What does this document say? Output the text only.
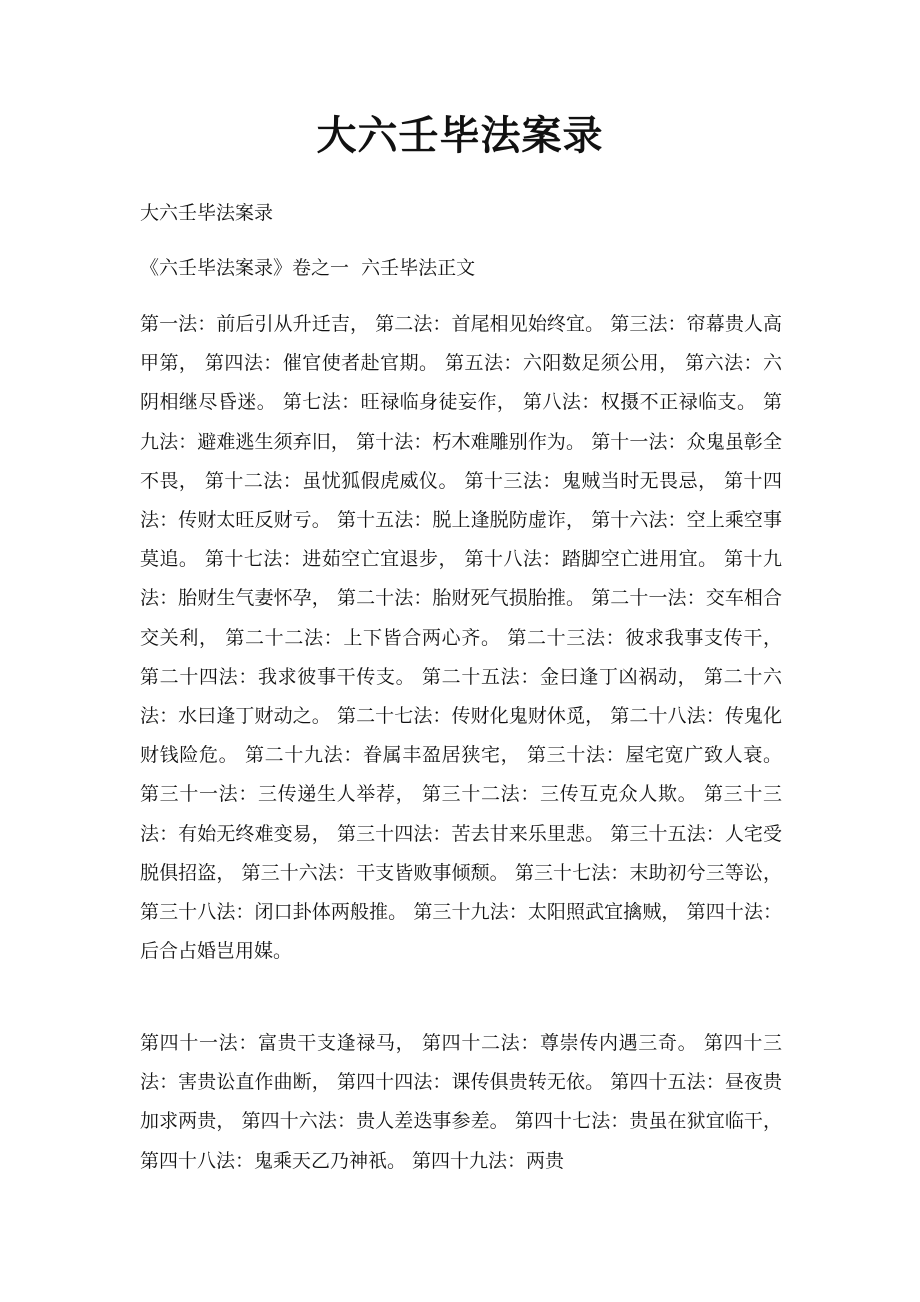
大六壬毕法案录

大六壬毕法案录

《六壬毕法案录》卷之一  六壬毕法正文

第一法：前后引从升迁吉， 第二法：首尾相见始终宜。 第三法：帘幕贵人高甲第， 第四法：催官使者赴官期。 第五法：六阳数足须公用， 第六法：六阴相继尽昏迷。 第七法：旺禄临身徒妄作， 第八法：权摄不正禄临支。 第九法：避难逃生须弃旧， 第十法：朽木难雕别作为。 第十一法：众鬼虽彰全不畏， 第十二法：虽忧狐假虎威仪。 第十三法：鬼贼当时无畏忌， 第十四法：传财太旺反财亏。 第十五法：脱上逢脱防虚诈， 第十六法：空上乘空事莫追。 第十七法：进茹空亡宜退步， 第十八法：踏脚空亡进用宜。 第十九法：胎财生气妻怀孕， 第二十法：胎财死气损胎推。 第二十一法：交车相合交关利， 第二十二法：上下皆合两心齐。 第二十三法：彼求我事支传干， 第二十四法：我求彼事干传支。 第二十五法：金曰逢丁凶祸动， 第二十六法：水曰逢丁财动之。 第二十七法：传财化鬼财休觅， 第二十八法：传鬼化财钱险危。 第二十九法：眷属丰盈居狭宅， 第三十法：屋宅宽广致人衰。 第三十一法：三传递生人举荐， 第三十二法：三传互克众人欺。 第三十三法：有始无终难变易， 第三十四法：苦去甘来乐里悲。 第三十五法：人宅受脱俱招盗， 第三十六法：干支皆败事倾颓。 第三十七法：末助初兮三等讼， 第三十八法：闭口卦体两般推。 第三十九法：太阳照武宜擒贼， 第四十法：后合占婚岂用媒。

第四十一法：富贵干支逢禄马， 第四十二法：尊崇传内遇三奇。 第四十三法：害贵讼直作曲断， 第四十四法：课传俱贵转无依。 第四十五法：昼夜贵加求两贵， 第四十六法：贵人差迭事参差。 第四十七法：贵虽在狱宜临干， 第四十八法：鬼乘天乙乃神祇。 第四十九法：两贵
